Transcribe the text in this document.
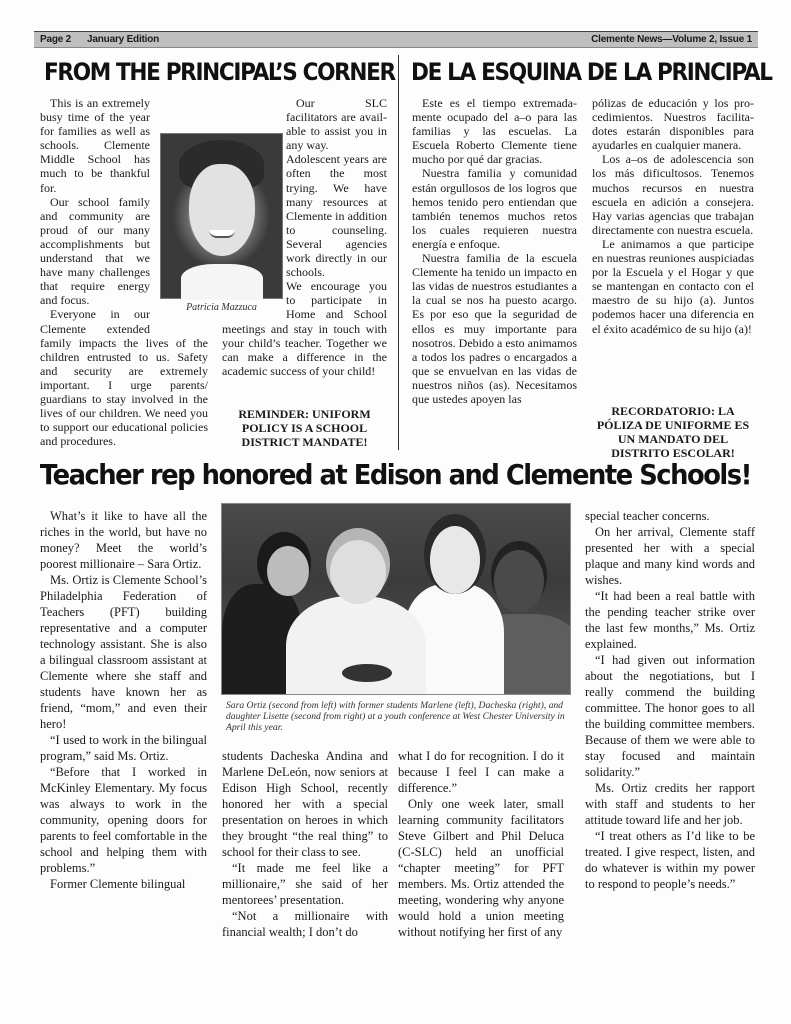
Page 2 January Edition	Clemente News—Volume 2, Issue 1
FROM THE PRINCIPAL’S CORNER DE LA ESQUINA DE LA PRINCIPAL

This is an extremely busy time of the year for families as well as schools. Clemente Middle School has much to be thankful for.

Our school family and community are proud of our many accomplishments but understand that we have many challenges that require energy and focus.

Everyone in our Clemente extended family impacts the lives of the children entrusted to us. Safety and security are extremely important. I urge parents/ guardians to stay involved in the lives of our children. We need you to support our educational policies and procedures.

Our SLC facilitators are available to assist you in any way.

Adolescent years are often the most trying. We have many resources at Clemente in addition to counseling. Several agencies work directly in our schools.

We encourage you to participate in Home and School meetings and stay in touch with your child’s teacher. Together we can make a difference in the academic success of your child!

Patricia Mazzuca
REMINDER: UNIFORM POLICY IS A SCHOOL DISTRICT MANDATE!

Este es el tiempo extremadamente ocupado del a–o para las familias y las escuelas. La Escuela Roberto Clemente tiene mucho por qué dar gracias.

Nuestra familia y comunidad están orgullosos de los logros que hemos tenido pero entiendan que también tenemos muchos retos los cuales requieren nuestra energía e enfoque.

Nuestra familia de la escuela Clemente ha tenido un impacto en las vidas de nuestros estudiantes a la cual se nos ha puesto acargo. Es por eso que la seguridad de ellos es muy importante para nosotros. Debido a esto animamos a todos los padres o encargados a que se envuelvan en las vidas de nuestros niños (as). Necesitamos que ustedes apoyen las

pólizas de educación y los procedimientos. Nuestros facilitadotes estarán disponibles para ayudarles en cualquier manera.

Los a–os de adolescencia son los más dificultosos. Tenemos muchos recursos en nuestra escuela en adición a consejera. Hay varias agencias que trabajan directamente con nuestra escuela.

Le animamos a que participe en nuestras reuniones auspiciadas por la Escuela y el Hogar y que se mantengan en contacto con el maestro de su hijo (a). Juntos podemos hacer una diferencia en el éxito académico de su hijo (a)!

RECORDATORIO: LA PÓLIZA DE UNIFORME ES UN MANDATO DEL DISTRITO ESCOLAR!
Teacher rep honored at Edison and Clemente Schools!

What’s it like to have all the riches in the world, but have no money? Meet the world’s poorest millionaire – Sara Ortiz.

Ms. Ortiz is Clemente School’s Philadelphia Federation of Teachers (PFT) building representative and a computer technology assistant. She is also a bilingual classroom assistant at Clemente where she staff and students have known her as friend, “mom,” and even their hero!

“I used to work in the bilingual program,” said Ms. Ortiz.

“Before that I worked in McKinley Elementary. My focus was always to work in the community, opening doors for parents to feel comfortable in the school and helping them with problems.”

Former Clemente bilingual

Sara Ortiz (second from left) with former students Marlene (left), Dacheska (right), and daughter Lisette (second from right) at a youth conference at West Chester University in April this year.

students Dacheska Andina and Marlene DeLeón, now seniors at Edison High School, recently honored her with a special presentation on heroes in which they brought “the real thing” to school for their class to see.

“It made me feel like a millionaire,” she said of her mentorees’ presentation.

“Not a millionaire with financial wealth; I don’t do

what I do for recognition. I do it because I feel I can make a difference.”

Only one week later, small learning community facilitators Steve Gilbert and Phil Deluca (C-SLC) held an unofficial “chapter meeting” for PFT members. Ms. Ortiz attended the meeting, wondering why anyone would hold a union meeting without notifying her first of any

special teacher concerns.

On her arrival, Clemente staff presented her with a special plaque and many kind words and wishes.

“It had been a real battle with the pending teacher strike over the last few months,” Ms. Ortiz explained.

“I had given out information about the negotiations, but I really commend the building committee. The honor goes to all the building committee members. Because of them we were able to stay focused and maintain solidarity.”

Ms. Ortiz credits her rapport with staff and students to her attitude toward life and her job.

“I treat others as I’d like to be treated. I give respect, listen, and do whatever is within my power to respond to people’s needs.”
